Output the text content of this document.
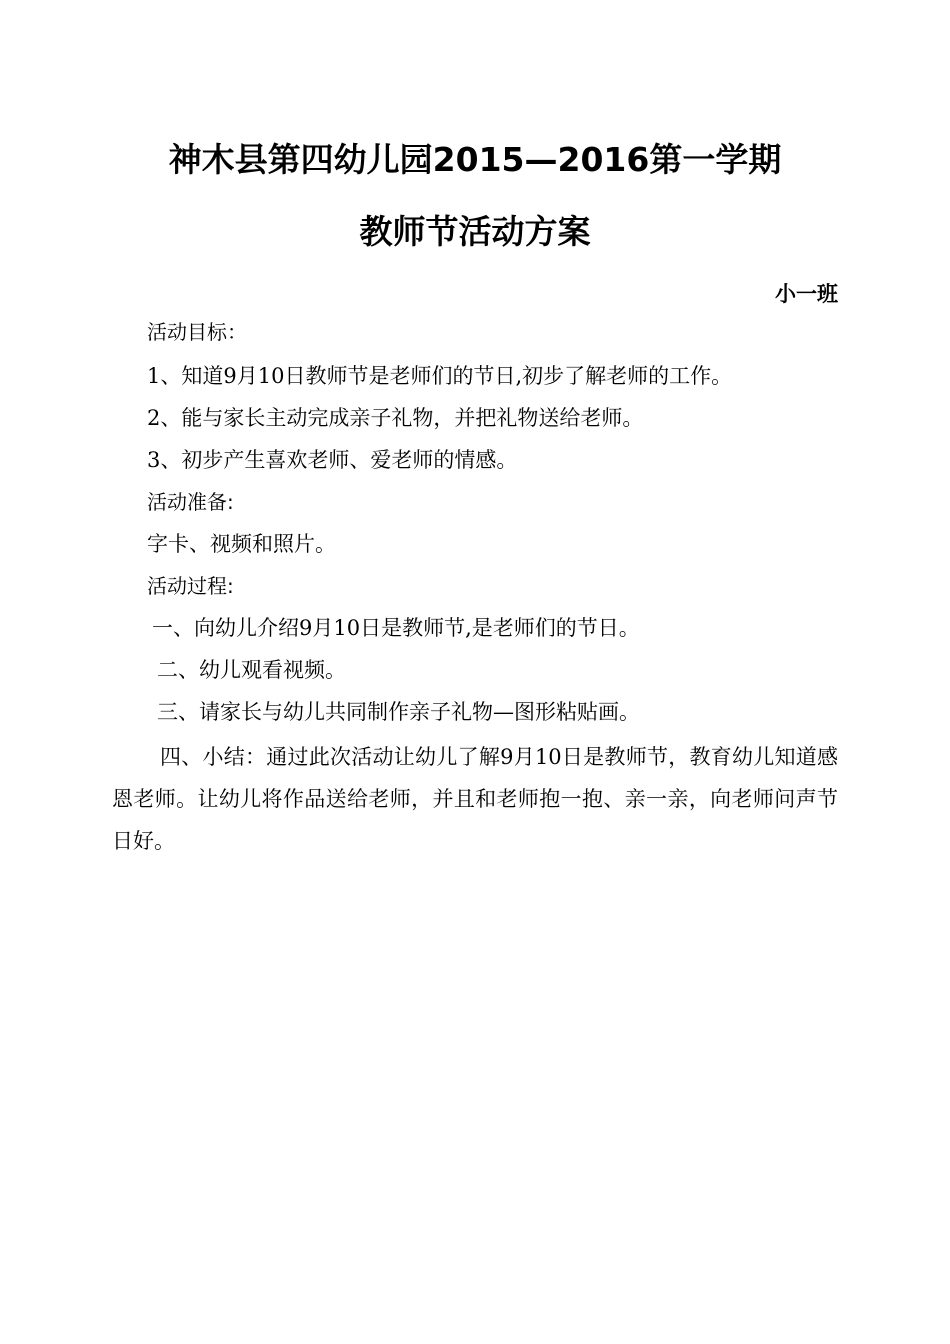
神木县第四幼儿园2015—2016第一学期
教师节活动方案
小一班
活动目标：
1、知道9月10日教师节是老师们的节日,初步了解老师的工作。
2、能与家长主动完成亲子礼物，并把礼物送给老师。
3、初步产生喜欢老师、爱老师的情感。
活动准备:
字卡、视频和照片。
活动过程:
一、向幼儿介绍9月10日是教师节,是老师们的节日。
二、幼儿观看视频。
三、请家长与幼儿共同制作亲子礼物—图形粘贴画。
四、小结：通过此次活动让幼儿了解9月10日是教师节，教育幼儿知道感恩老师。让幼儿将作品送给老师，并且和老师抱一抱、亲一亲，向老师问声节日好。
